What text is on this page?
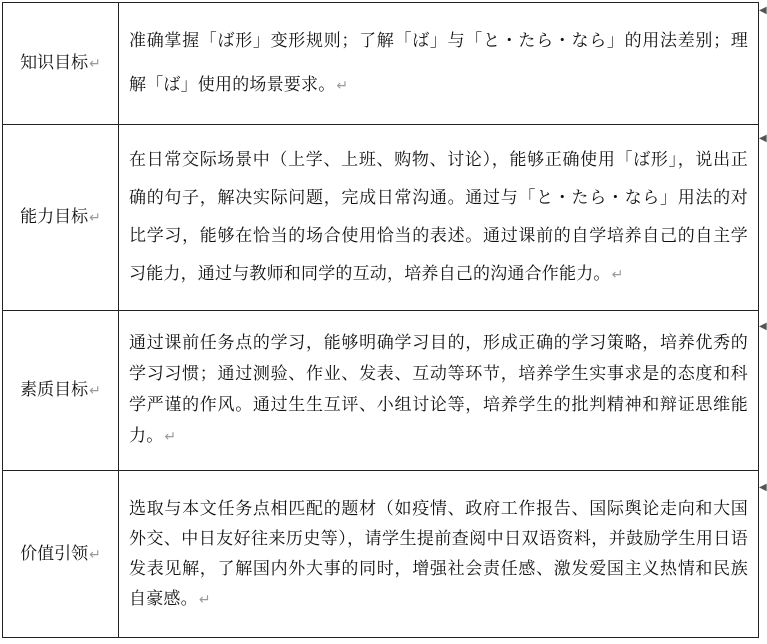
知识目标↵	准确掌握「ば形」变形规则；了解「ば」与「と・たら・なら」的用法差别；理解「ば」使用的场景要求。↵
能力目标↵	在日常交际场景中（上学、上班、购物、讨论），能够正确使用「ば形」，说出正确的句子，解决实际问题，完成日常沟通。通过与「と・たら・なら」用法的对比学习，能够在恰当的场合使用恰当的表述。通过课前的自学培养自己的自主学习能力，通过与教师和同学的互动，培养自己的沟通合作能力。↵
素质目标↵	通过课前任务点的学习，能够明确学习目的，形成正确的学习策略，培养优秀的学习习惯；通过测验、作业、发表、互动等环节，培养学生实事求是的态度和科学严谨的作风。通过生生互评、小组讨论等，培养学生的批判精神和辩证思维能力。↵
价值引领↵	选取与本文任务点相匹配的题材（如疫情、政府工作报告、国际舆论走向和大国外交、中日友好往来历史等），请学生提前查阅中日双语资料，并鼓励学生用日语发表见解，了解国内外大事的同时，增强社会责任感、激发爱国主义热情和民族自豪感。↵
◀
◀
◀
◀
